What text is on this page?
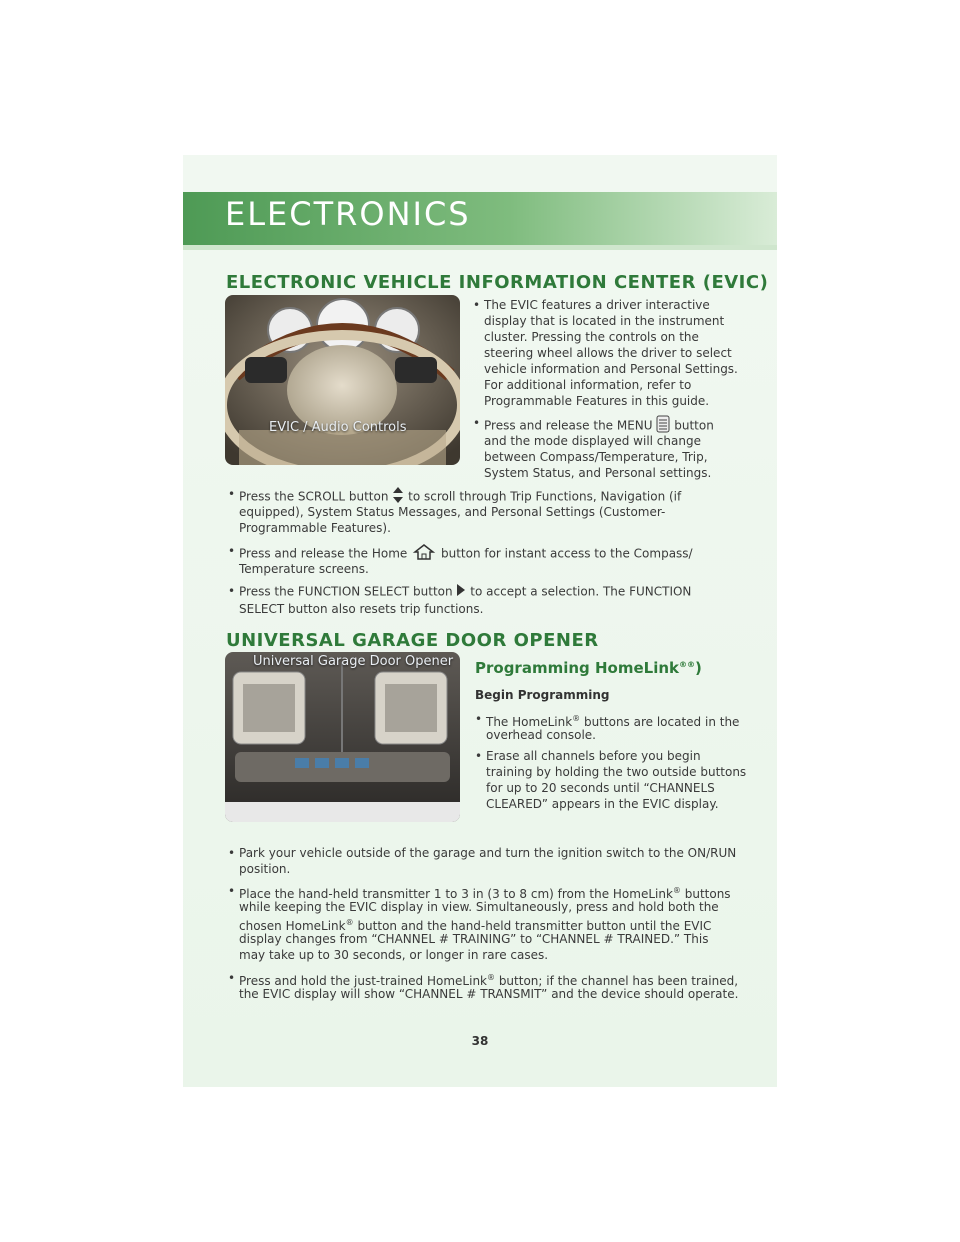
ELECTRONICS
ELECTRONIC VEHICLE INFORMATION CENTER (EVIC)
EVIC / Audio Controls
• The EVIC features a driver interactive
display that is located in the instrument
cluster. Pressing the controls on the
steering wheel allows the driver to select
vehicle information and Personal Settings.
For additional information, refer to
Programmable Features in this guide.
• Press and release the MENU button
and the mode displayed will change
between Compass/Temperature, Trip,
System Status, and Personal settings.
• Press the SCROLL button to scroll through Trip Functions, Navigation (if
equipped), System Status Messages, and Personal Settings (Customer-
Programmable Features).
• Press and release the Home	button for instant access to the Compass/
Temperature screens.
• Press the FUNCTION SELECT button to accept a selection. The FUNCTION
SELECT button also resets trip functions.
UNIVERSAL GARAGE DOOR OPENER
Universal Garage Door Opener Programming HomeLink®®)
Begin Programming
• The HomeLink® buttons are located in the
overhead console.
• Erase all channels before you begin
training by holding the two outside buttons
for up to 20 seconds until “CHANNELS
CLEARED” appears in the EVIC display.
• Park your vehicle outside of the garage and turn the ignition switch to the ON/RUN
position.
• Place the hand-held transmitter 1 to 3 in (3 to 8 cm) from the HomeLink® buttons
while keeping the EVIC display in view. Simultaneously, press and hold both the
chosen HomeLink® button and the hand-held transmitter button until the EVIC
display changes from “CHANNEL # TRAINING” to “CHANNEL # TRAINED.” This
may take up to 30 seconds, or longer in rare cases.
• Press and hold the just-trained HomeLink® button; if the channel has been trained,
the EVIC display will show “CHANNEL # TRANSMIT” and the device should operate.
38
